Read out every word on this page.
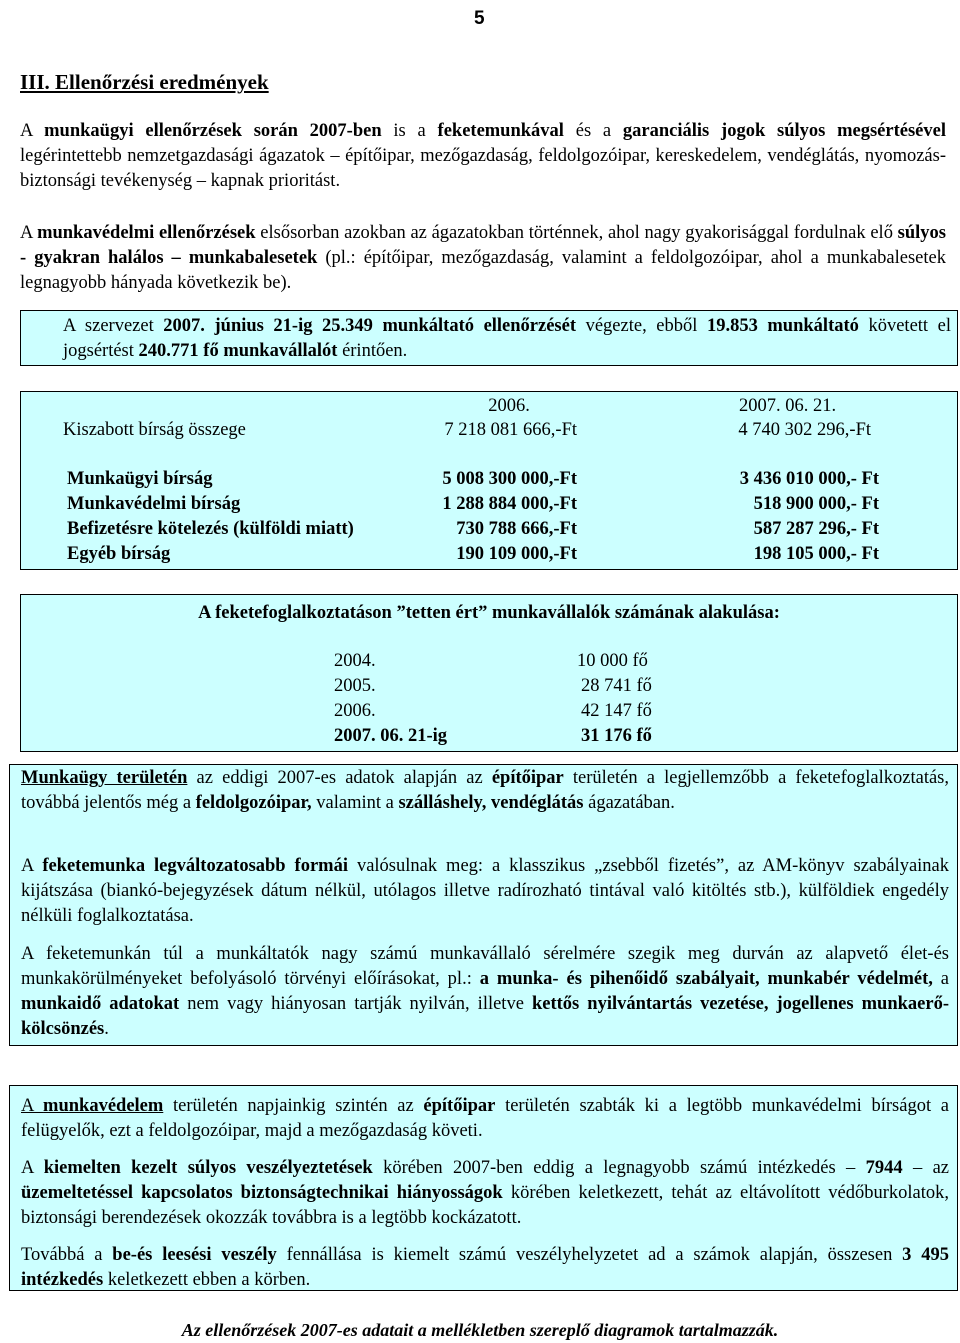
5
III. Ellenőrzési eredmények

A munkaügyi ellenőrzések során 2007-ben is a feketemunkával és a garanciális jogok súlyos megsértésével legérintettebb nemzetgazdasági ágazatok – építőipar, mezőgazdaság, feldolgozóipar, kereskedelem, vendéglátás, nyomozás-biztonsági tevékenység – kapnak prioritást.

A munkavédelmi ellenőrzések elsősorban azokban az ágazatokban történnek, ahol nagy gyakorisággal fordulnak elő súlyos - gyakran halálos – munkabalesetek (pl.: építőipar, mezőgazdaság, valamint a feldolgozóipar, ahol a munkabalesetek legnagyobb hányada következik be).

A szervezet 2007. június 21-ig 25.349 munkáltató ellenőrzését végezte, ebből 19.853 munkáltató követett el jogsértést 240.771 fő munkavállalót érintően.
2006.	2007. 06. 21.
Kiszabott bírság összege	7 218 081 666,-Ft	4 740 302 296,-Ft
Munkaügyi bírság	5 008 300 000,-Ft	3 436 010 000,- Ft
Munkavédelmi bírság	1 288 884 000,-Ft	518 900 000,- Ft
Befizetésre kötelezés (külföldi miatt)	730 788 666,-Ft	587 287 296,- Ft
Egyéb bírság	190 109 000,-Ft	198 105 000,- Ft
A feketefoglalkoztatáson ”tetten ért” munkavállalók számának alakulása:
2004.	10 000 fő
2005.	28 741 fő
2006.	42 147 fő
2007. 06. 21-ig	31 176 fő
Munkaügy területén az eddigi 2007-es adatok alapján az építőipar területén a legjellemzőbb a feketefoglalkoztatás, továbbá jelentős még a feldolgozóipar, valamint a szálláshely, vendéglátás ágazatában.
A feketemunka legváltozatosabb formái valósulnak meg: a klasszikus „zsebből fizetés”, az AM-könyv szabályainak kijátszása (biankó-bejegyzések dátum nélkül, utólagos illetve radírozható tintával való kitöltés stb.), külföldiek engedély nélküli foglalkoztatása.
A feketemunkán túl a munkáltatók nagy számú munkavállaló sérelmére szegik meg durván az alapvető élet-és munkakörülményeket befolyásoló törvényi előírásokat, pl.: a munka- és pihenőidő szabályait, munkabér védelmét, a munkaidő adatokat nem vagy hiányosan tartják nyilván, illetve kettős nyilvántartás vezetése, jogellenes munkaerő-kölcsönzés.
A munkavédelem területén napjainkig szintén az építőipar területén szabták ki a legtöbb munkavédelmi bírságot a felügyelők, ezt a feldolgozóipar, majd a mezőgazdaság követi.
A kiemelten kezelt súlyos veszélyeztetések körében 2007-ben eddig a legnagyobb számú intézkedés – 7944 – az üzemeltetéssel kapcsolatos biztonságtechnikai hiányosságok körében keletkezett, tehát az eltávolított védőburkolatok, biztonsági berendezések okozzák továbbra is a legtöbb kockázatott.
Továbbá a be-és leesési veszély fennállása is kiemelt számú veszélyhelyzetet ad a számok alapján, összesen 3 495 intézkedés keletkezett ebben a körben.
Az ellenőrzések 2007-es adatait a mellékletben szereplő diagramok tartalmazzák.
